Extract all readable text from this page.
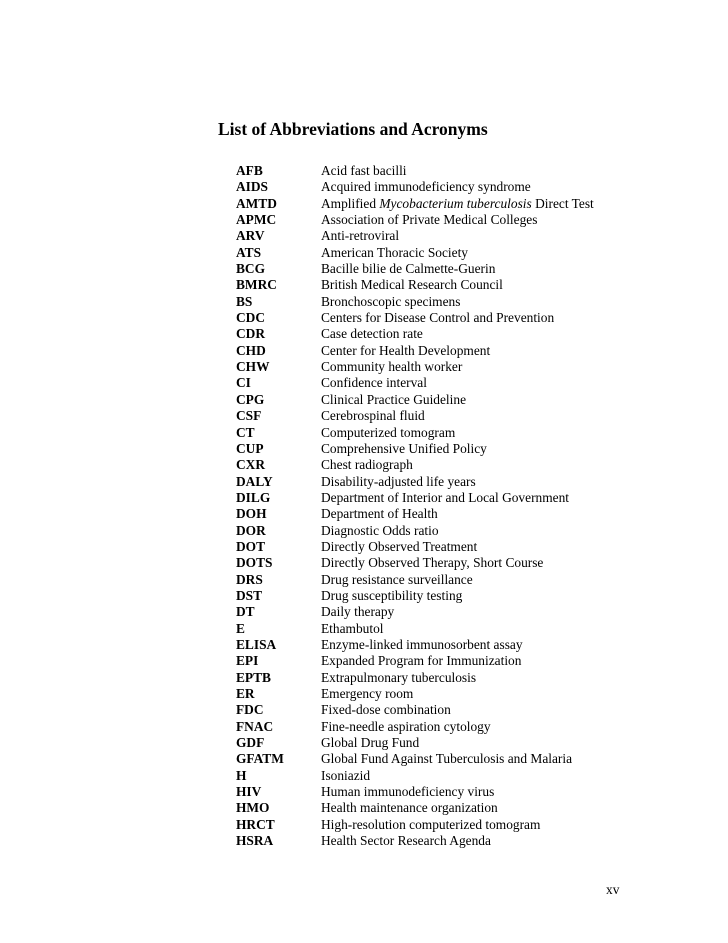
List of Abbreviations and Acronyms
AFB	Acid fast bacilli
AIDS	Acquired immunodeficiency syndrome
AMTD	Amplified Mycobacterium tuberculosis Direct Test
APMC	Association of Private Medical Colleges
ARV	Anti-retroviral
ATS	American Thoracic Society
BCG	Bacille bilie de Calmette-Guerin
BMRC	British Medical Research Council
BS	Bronchoscopic specimens
CDC	Centers for Disease Control and Prevention
CDR	Case detection rate
CHD	Center for Health Development
CHW	Community health worker
CI	Confidence interval
CPG	Clinical Practice Guideline
CSF	Cerebrospinal fluid
CT	Computerized tomogram
CUP	Comprehensive Unified Policy
CXR	Chest radiograph
DALY	Disability-adjusted life years
DILG	Department of Interior and Local Government
DOH	Department of Health
DOR	Diagnostic Odds ratio
DOT	Directly Observed Treatment
DOTS	Directly Observed Therapy, Short Course
DRS	Drug resistance surveillance
DST	Drug susceptibility testing
DT	Daily therapy
E	Ethambutol
ELISA	Enzyme-linked immunosorbent assay
EPI	Expanded Program for Immunization
EPTB	Extrapulmonary tuberculosis
ER	Emergency room
FDC	Fixed-dose combination
FNAC	Fine-needle aspiration cytology
GDF	Global Drug Fund
GFATM	Global Fund Against Tuberculosis and Malaria
H	Isoniazid
HIV	Human immunodeficiency virus
HMO	Health maintenance organization
HRCT	High-resolution computerized tomogram
HSRA	Health Sector Research Agenda
xv
